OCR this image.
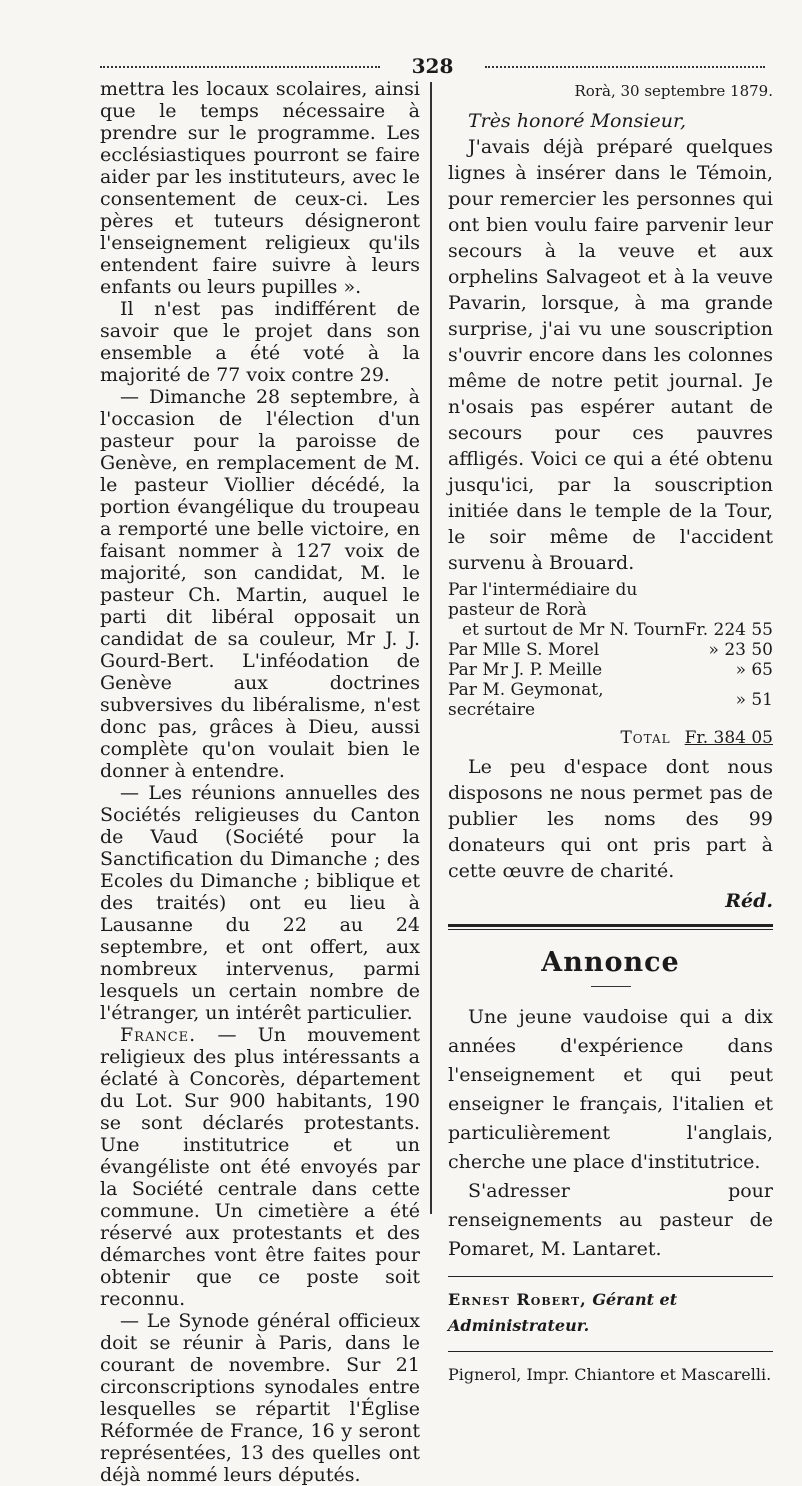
328

mettra les locaux scolaires, ainsi que le temps nécessaire à prendre sur le programme. Les ecclésiastiques pourront se faire aider par les instituteurs, avec le consentement de ceux-ci. Les pères et tuteurs désigneront l'enseignement religieux qu'ils entendent faire suivre à leurs enfants ou leurs pupilles ».

Il n'est pas indifférent de savoir que le projet dans son ensemble a été voté à la majorité de 77 voix contre 29.

— Dimanche 28 septembre, à l'occasion de l'élection d'un pasteur pour la paroisse de Genève, en remplacement de M. le pasteur Viollier décédé, la portion évangélique du troupeau a remporté une belle victoire, en faisant nommer à 127 voix de majorité, son candidat, M. le pasteur Ch. Martin, auquel le parti dit libéral opposait un candidat de sa couleur, Mr J. J. Gourd-Bert. L'inféodation de Genève aux doctrines subversives du libéralisme, n'est donc pas, grâces à Dieu, aussi complète qu'on voulait bien le donner à entendre.

— Les réunions annuelles des Sociétés religieuses du Canton de Vaud (Société pour la Sanctification du Dimanche ; des Ecoles du Dimanche ; biblique et des traités) ont eu lieu à Lausanne du 22 au 24 septembre, et ont offert, aux nombreux intervenus, parmi lesquels un certain nombre de l'étranger, un intérêt particulier.

France. — Un mouvement religieux des plus intéressants a éclaté à Concorès, département du Lot. Sur 900 habitants, 190 se sont déclarés protestants. Une institutrice et un évangéliste ont été envoyés par la Société centrale dans cette commune. Un cimetière a été réservé aux protestants et des démarches vont être faites pour obtenir que ce poste soit reconnu.

— Le Synode général officieux doit se réunir à Paris, dans le courant de novembre. Sur 21 circonscriptions synodales entre lesquelles se répartit l'Église Réformée de France, 16 y seront représentées, 13 des quelles ont déjà nommé leurs députés.

Rorà, 30 septembre 1879.
Très honoré Monsieur,

J'avais déjà préparé quelques lignes à insérer dans le Témoin, pour remercier les personnes qui ont bien voulu faire parvenir leur secours à la veuve et aux orphelins Salvageot et à la veuve Pavarin, lorsque, à ma grande surprise, j'ai vu une souscription s'ouvrir encore dans les colonnes même de notre petit journal. Je n'osais pas espérer autant de secours pour ces pauvres affligés. Voici ce qui a été obtenu jusqu'ici, par la souscription initiée dans le temple de la Tour, le soir même de l'accident survenu à Brouard.

Par l'intermédiaire du pasteur de Rorà	
et surtout de Mr N. Tourn	Fr. 224 55
Par Mlle S. Morel	» 23 50
Par Mr J. P. Meille	» 65
Par M. Geymonat, secrétaire	» 51
Total	Fr. 384 05

Le peu d'espace dont nous disposons ne nous permet pas de publier les noms des 99 donateurs qui ont pris part à cette œuvre de charité.

Réd.
Annonce

Une jeune vaudoise qui a dix années d'expérience dans l'enseignement et qui peut enseigner le français, l'italien et particulièrement l'anglais, cherche une place d'institutrice.

S'adresser pour renseignements au pasteur de Pomaret, M. Lantaret.

Ernest Robert, Gérant et Administrateur.
Pignerol, Impr. Chiantore et Mascarelli.
